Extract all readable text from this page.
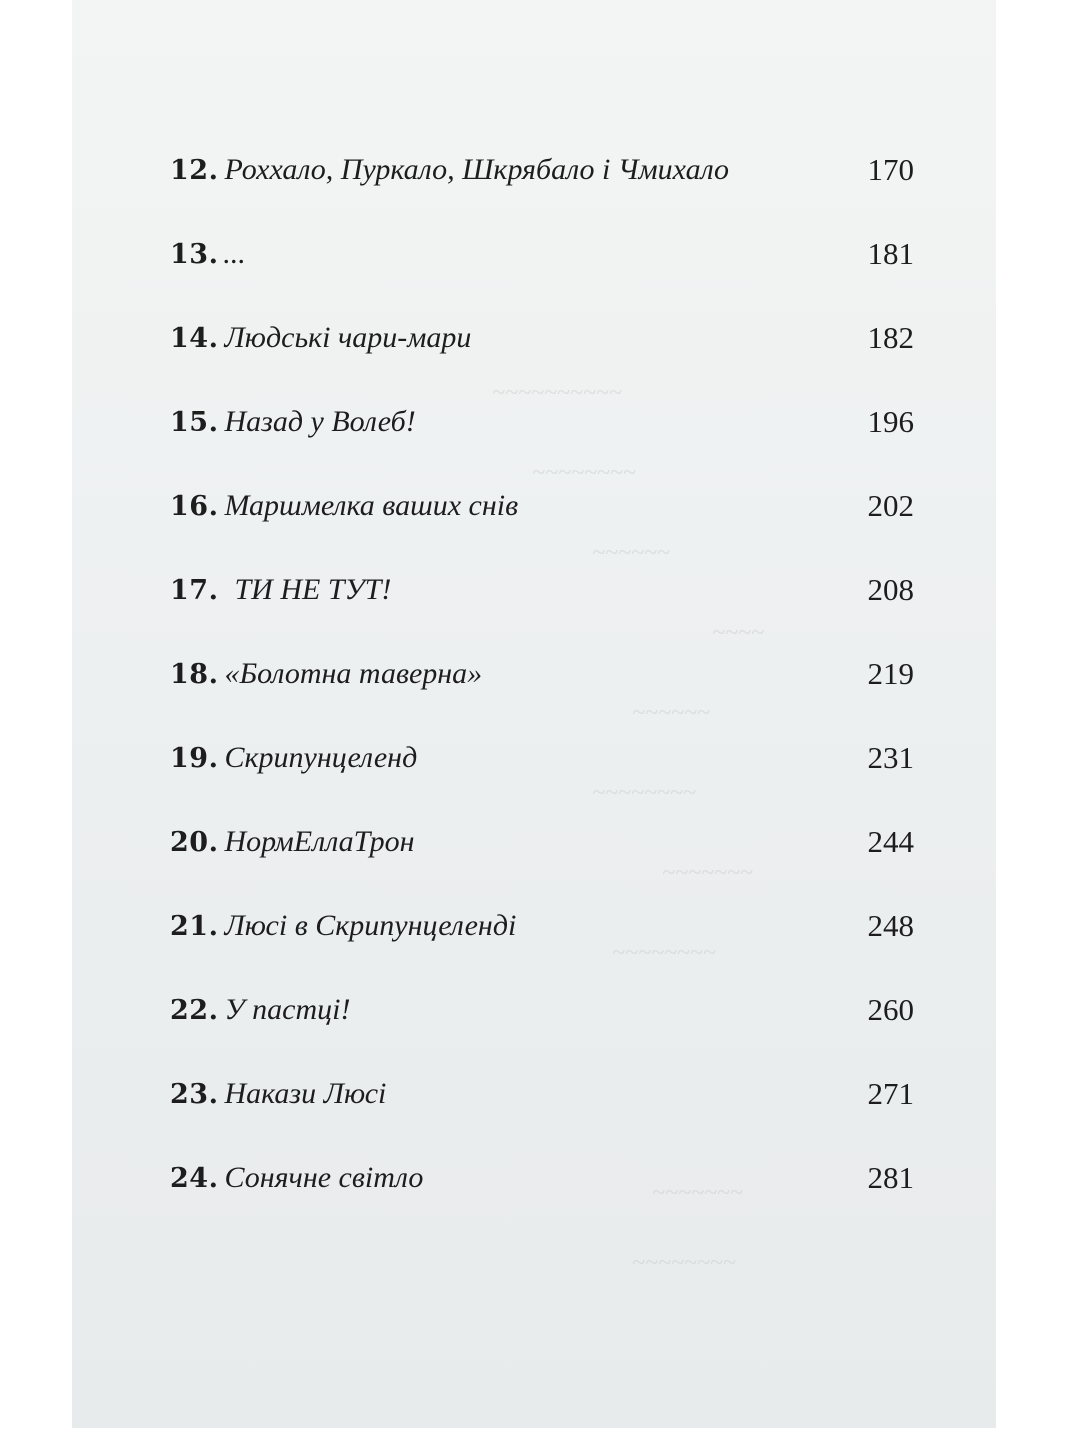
~~~~~~~~~~
~~~~~~~~
~~~~~~
~~~~
~~~~~~
~~~~~~~~
~~~~~~~
~~~~~~~~
~~~~~~~
~~~~~~~~
12. Роххало, Пуркало, Шкрябало і Чмихало	170
13. ...	181
14. Людські чари-мари	182
15. Назад у Волеб!	196
16. Маршмелка ваших снів	202
17. ТИ НЕ ТУТ!	208
18. «Болотна таверна»	219
19. Скрипунцеленд	231
20. НормЕллаТрон	244
21. Люсі в Скрипунцеленді	248
22. У пастці!	260
23. Накази Люсі	271
24. Сонячне світло	281
